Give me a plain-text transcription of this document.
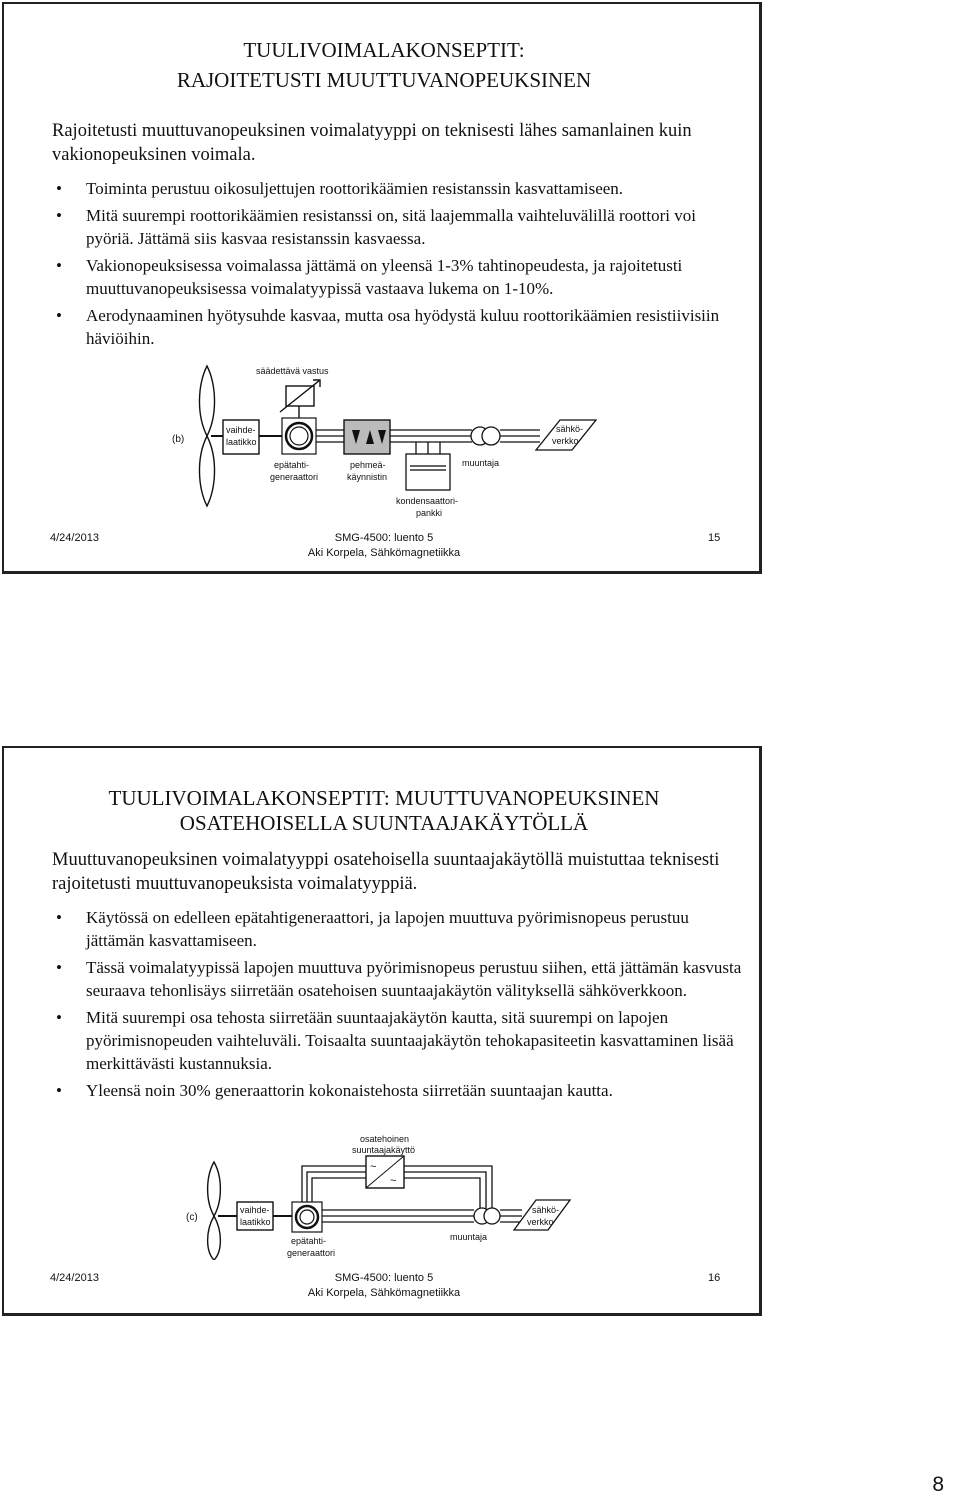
TUULIVOIMALAKONSEPTIT:
RAJOITETUSTI MUUTTUVANOPEUKSINEN
Rajoitetusti muuttuvanopeuksinen voimalatyyppi on teknisesti lähes samanlainen kuin vakionopeuksinen voimala.
• Toiminta perustuu oikosuljettujen roottorikäämien resistanssin kasvattamiseen.
• Mitä suurempi roottorikäämien resistanssi on, sitä laajemmalla vaihteluvälillä roottori voi pyöriä. Jättämä siis kasvaa resistanssin kasvaessa.
• Vakionopeuksisessa voimalassa jättämä on yleensä 1-3% tahtinopeudesta, ja rajoitetusti muuttuvanopeuksisessa voimalatyypissä vastaava lukema on 1-10%.
• Aerodynaaminen hyötysuhde kasvaa, mutta osa hyödystä kuluu roottorikäämien resistiivisiin häviöihin.
(b)
vaihde-
laatikko
epätahti-
generaattori
säädettävä vastus
pehmeä-
käynnistin
kondensaattori-
pankki
muuntaja
sähkö-
verkko
4/24/2013	SMG-4500: luento 5
Aki Korpela, Sähkömagnetiikka
15
TUULIVOIMALAKONSEPTIT: MUUTTUVANOPEUKSINEN
OSATEHOISELLA SUUNTAAJAKÄYTÖLLÄ
Muuttuvanopeuksinen voimalatyyppi osatehoisella suuntaajakäytöllä muistuttaa teknisesti rajoitetusti muuttuvanopeuksista voimalatyyppiä.
• Käytössä on edelleen epätahtigeneraattori, ja lapojen muuttuva pyörimisnopeus perustuu jättämän kasvattamiseen.
• Tässä voimalatyypissä lapojen muuttuva pyörimisnopeus perustuu siihen, että jättämän kasvusta seuraava tehonlisäys siirretään osatehoisen suuntaajakäytön välityksellä sähköverkkoon.
• Mitä suurempi osa tehosta siirretään suuntaajakäytön kautta, sitä suurempi on lapojen pyörimisnopeuden vaihteluväli. Toisaalta suuntaajakäytön tehokapasiteetin kasvattaminen lisää merkittävästi kustannuksia.
• Yleensä noin 30% generaattorin kokonaistehosta siirretään suuntaajan kautta.
(c)
vaihde-
laatikko
epätahti-
generaattori
~
~
osatehoinen
suuntaajakäyttö
muuntaja
sähkö-
verkko
4/24/2013	SMG-4500: luento 5
Aki Korpela, Sähkömagnetiikka
16
8
